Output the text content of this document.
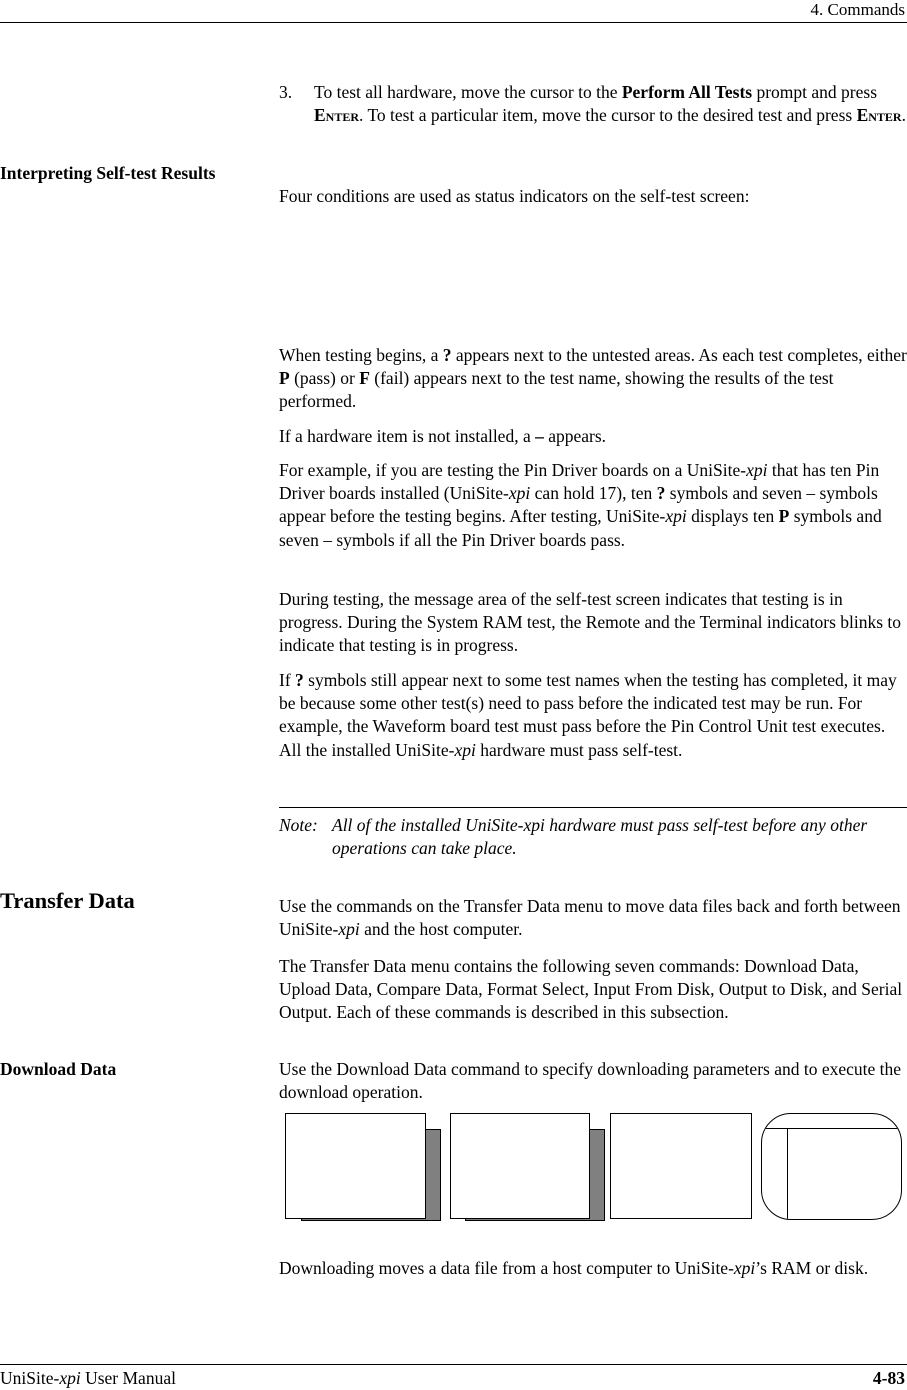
4. Commands
3.	To test all hardware, move the cursor to the Perform All Tests prompt and press Enter. To test a particular item, move the cursor to the desired test and press Enter.
Interpreting Self-test Results
Four conditions are used as status indicators on the self-test screen:
When testing begins, a ? appears next to the untested areas. As each test completes, either P (pass) or F (fail) appears next to the test name, showing the results of the test performed.
If a hardware item is not installed, a – appears.
For example, if you are testing the Pin Driver boards on a UniSite-xpi that has ten Pin Driver boards installed (UniSite-xpi can hold 17), ten ? symbols and seven – symbols appear before the testing begins. After testing, UniSite-xpi displays ten P symbols and seven – symbols if all the Pin Driver boards pass.
During testing, the message area of the self-test screen indicates that testing is in progress. During the System RAM test, the Remote and the Terminal indicators blinks to indicate that testing is in progress.
If ? symbols still appear next to some test names when the testing has completed, it may be because some other test(s) need to pass before the indicated test may be run. For example, the Waveform board test must pass before the Pin Control Unit test executes. All the installed UniSite-xpi hardware must pass self-test.
Note: All of the installed UniSite-xpi hardware must pass self-test before any other operations can take place.
Transfer Data	Use the commands on the Transfer Data menu to move data files back and forth between UniSite-xpi and the host computer.
The Transfer Data menu contains the following seven commands: Download Data, Upload Data, Compare Data, Format Select, Input From Disk, Output to Disk, and Serial Output. Each of these commands is described in this subsection.
Download Data	Use the Download Data command to specify downloading parameters and to execute the download operation.
Downloading moves a data file from a host computer to UniSite-xpi’s RAM or disk.
UniSite-xpi User Manual	4-83
